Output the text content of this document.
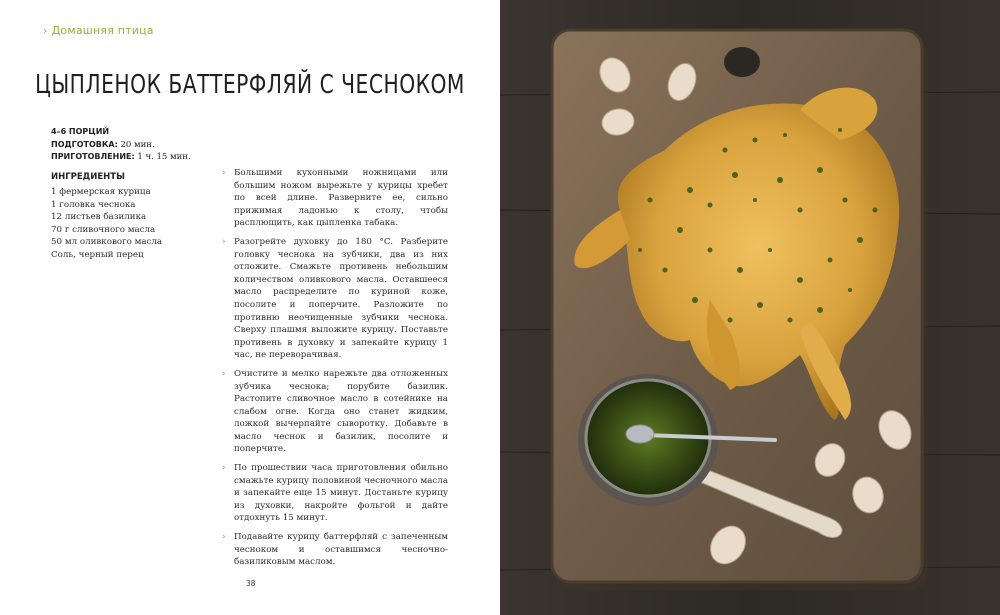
› Домашняя птица
ЦЫПЛЕНОК БАТТЕРФЛЯЙ С ЧЕСНОКОМ
4–6 ПОРЦИЙ
ПОДГОТОВКА: 20 мин.
ПРИГОТОВЛЕНИЕ: 1 ч. 15 мин.
ИНГРЕДИЕНТЫ
1 фермерская курица
1 головка чеснока
12 листьев базилика
70 г сливочного масла
50 мл оливкового масла
Соль, черный перец
› Большими кухонными ножницами или большим ножом вырежьте у курицы хребет по всей длине. Разверните ее, сильно прижимая ладонью к столу, чтобы расплющить, как цыпленка табака.
› Разогрейте духовку до 180 °C. Разберите головку чеснока на зубчики, два из них отложите. Смажьте противень небольшим количеством оливкового масла. Оставшееся масло распределите по куриной коже, посолите и поперчите. Разложите по противню неочищенные зубчики чеснока. Сверху плашмя выложите курицу. Поставьте противень в духовку и запекайте курицу 1 час, не переворачивая.
› Очистите и мелко нарежьте два отложенных зубчика чеснока; порубите базилик. Растопите сливочное масло в сотейнике на слабом огне. Когда оно станет жидким, ложкой вычерпайте сыворотку. Добавьте в масло чеснок и базилик, посолите и поперчите.
› По прошествии часа приготовления обильно смажьте курицу половиной чесночного масла и запекайте еще 15 минут. Достаньте курицу из духовки, накройте фольгой и дайте отдохнуть 15 минут.
› Подавайте курицу баттерфляй с запеченным чесноком и оставшимся чесночно-базиликовым маслом.
38
